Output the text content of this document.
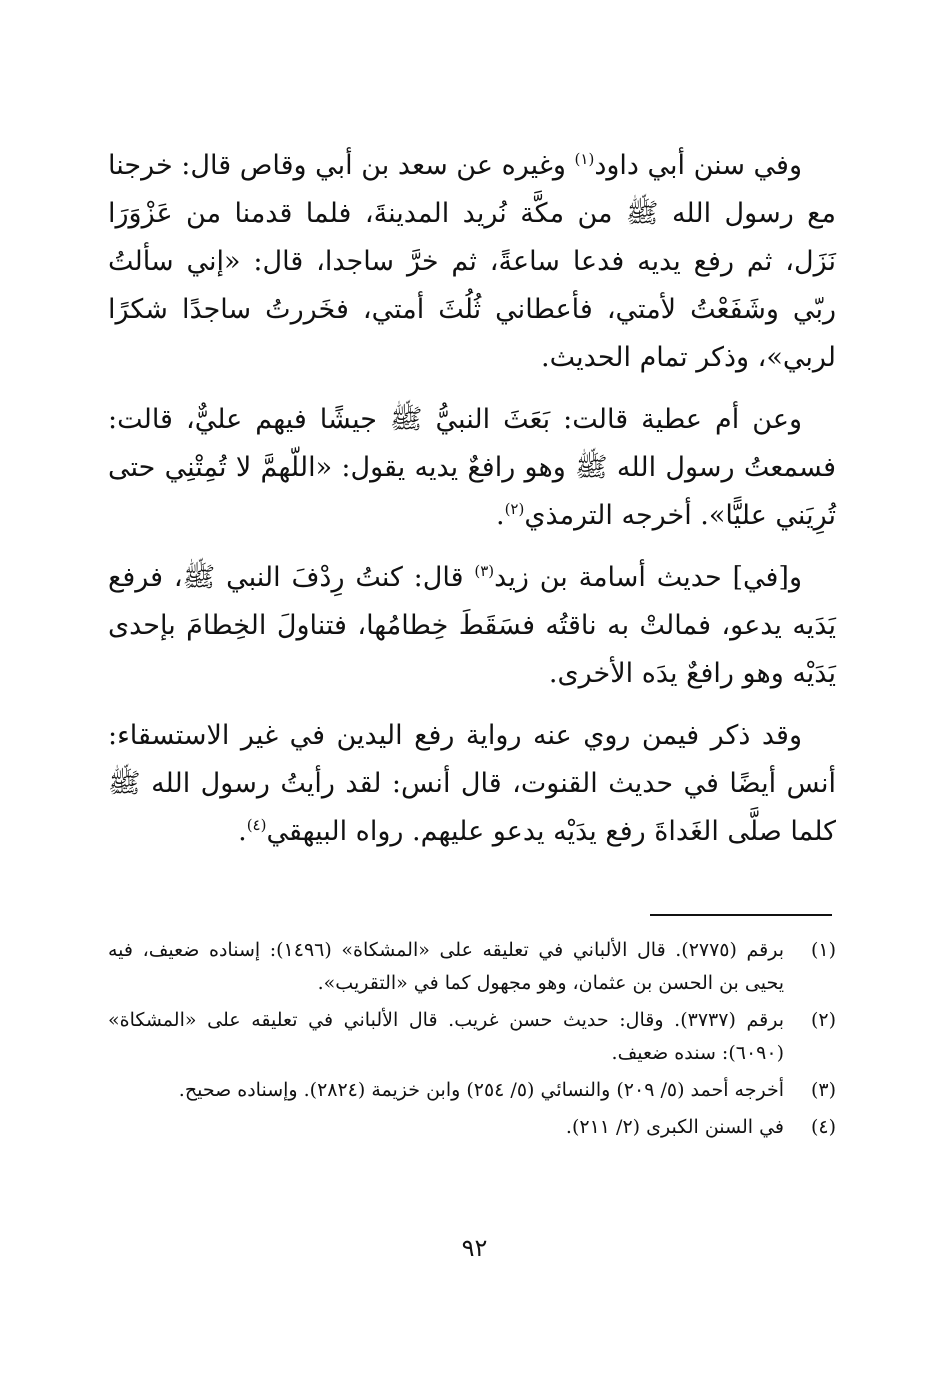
وفي سنن أبي داود$^{(١)}$ وغيره عن سعد بن أبي وقاص قال: خرجنا مع رسول الله ﷺ من مكَّة نُريد المدينةَ، فلما قدمنا من عَزْوَرَا نَزَل، ثم رفع يديه فدعا ساعةً، ثم خرَّ ساجدا، قال: «إني سألتُ ربّي وشَفَعْتُ لأمتي، فأعطاني ثُلُثَ أمتي، فخَررتُ ساجدًا شكرًا لربي»، وذكر تمام الحديث.

وعن أم عطية قالت: بَعَثَ النبيُّ ﷺ جيشًا فيهم عليٌّ، قالت: فسمعتُ رسول الله ﷺ وهو رافعٌ يديه يقول: «اللّهمَّ لا تُمِتْنِي حتى تُرِيَني عليًّا». أخرجه الترمذي$^{(٢)}$.

و[في] حديث أسامة بن زيد$^{(٣)}$ قال: كنتُ رِدْفَ النبي ﷺ، فرفع يَدَيه يدعو، فمالتْ به ناقتُه فسَقَطَ خِطامُها، فتناولَ الخِطامَ بإحدى يَدَيْه وهو رافعٌ يدَه الأخرى.

وقد ذكر فيمن روي عنه رواية رفع اليدين في غير الاستسقاء: أنس أيضًا في حديث القنوت، قال أنس: لقد رأيتُ رسول الله ﷺ كلما صلَّى الغَداةَ رفع يدَيْه يدعو عليهم. رواه البيهقي$^{(٤)}$.

(١)
برقم (٢٧٧٥). قال الألباني في تعليقه على «المشكاة» (١٤٩٦): إسناده ضعيف، فيه يحيى بن الحسن بن عثمان، وهو مجهول كما في «التقريب».
(٢)
برقم (٣٧٣٧). وقال: حديث حسن غريب. قال الألباني في تعليقه على «المشكاة» (٦٠٩٠): سنده ضعيف.
(٣)
أخرجه أحمد (٥/ ٢٠٩) والنسائي (٥/ ٢٥٤) وابن خزيمة (٢٨٢٤). وإسناده صحيح.
(٤)
في السنن الكبرى (٢/ ٢١١).
٩٢
